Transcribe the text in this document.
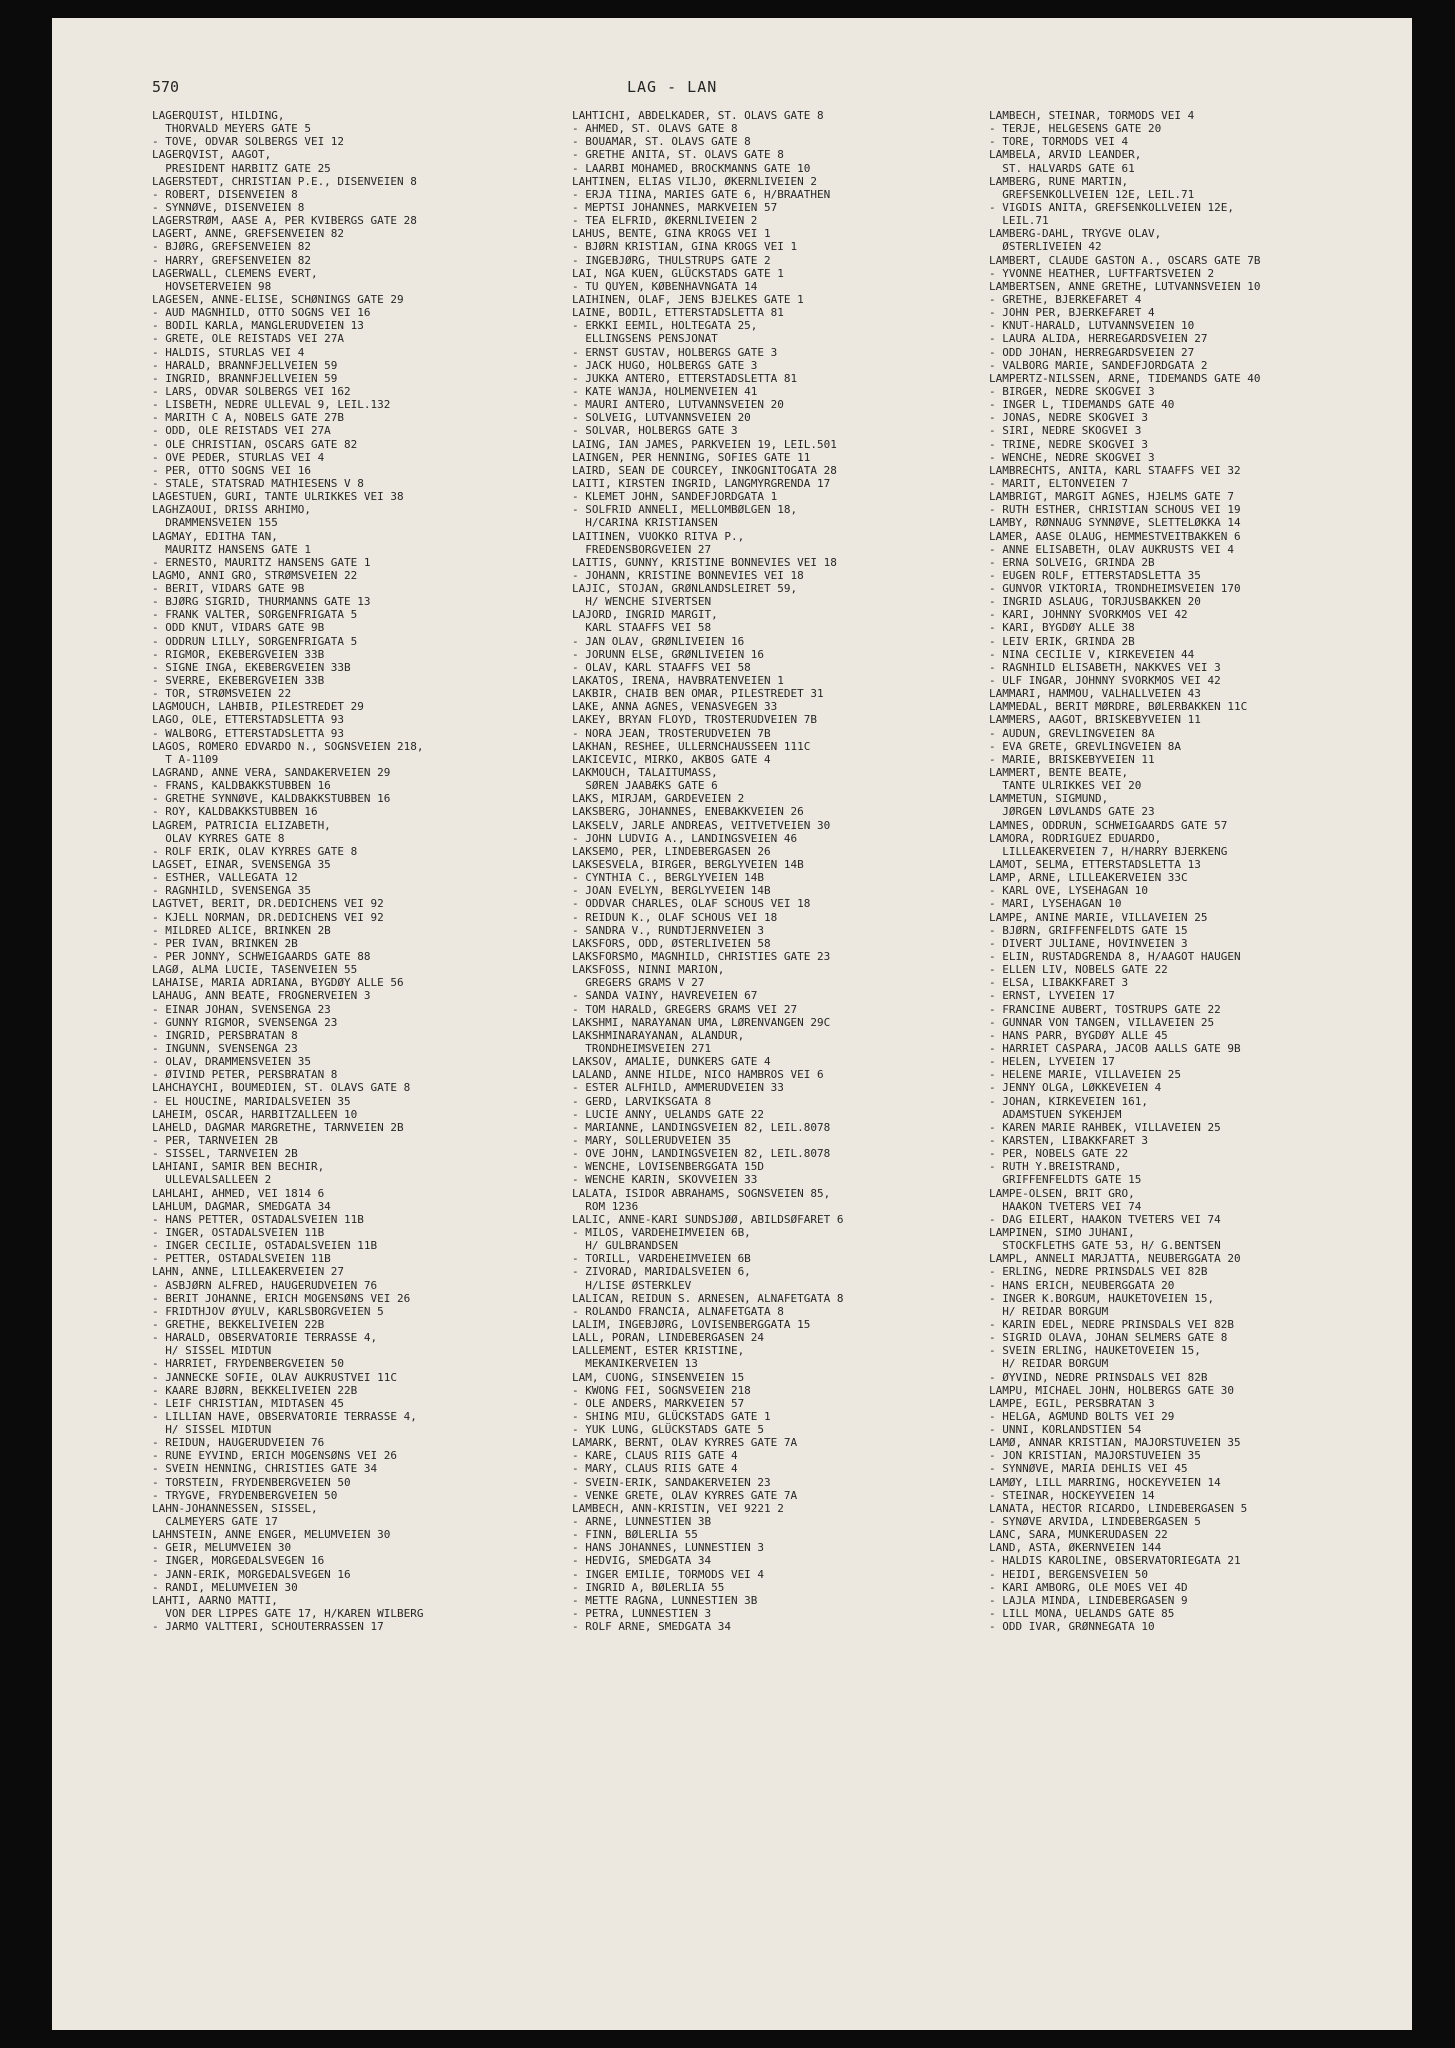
570	LAG - LAN
LAGERQUIST, HILDING,
THORVALD MEYERS GATE 5
- TOVE, ODVAR SOLBERGS VEI 12
LAGERQVIST, AAGOT,
PRESIDENT HARBITZ GATE 25
LAGERSTEDT, CHRISTIAN P.E., DISENVEIEN 8
- ROBERT, DISENVEIEN 8
- SYNNØVE, DISENVEIEN 8
LAGERSTRØM, AASE A, PER KVIBERGS GATE 28
LAGERT, ANNE, GREFSENVEIEN 82
- BJØRG, GREFSENVEIEN 82
- HARRY, GREFSENVEIEN 82
LAGERWALL, CLEMENS EVERT,
HOVSETERVEIEN 98
LAGESEN, ANNE-ELISE, SCHØNINGS GATE 29
- AUD MAGNHILD, OTTO SOGNS VEI 16
- BODIL KARLA, MANGLERUDVEIEN 13
- GRETE, OLE REISTADS VEI 27A
- HALDIS, STURLAS VEI 4
- HARALD, BRANNFJELLVEIEN 59
- INGRID, BRANNFJELLVEIEN 59
- LARS, ODVAR SOLBERGS VEI 162
- LISBETH, NEDRE ULLEVAL 9, LEIL.132
- MARITH C A, NOBELS GATE 27B
- ODD, OLE REISTADS VEI 27A
- OLE CHRISTIAN, OSCARS GATE 82
- OVE PEDER, STURLAS VEI 4
- PER, OTTO SOGNS VEI 16
- STALE, STATSRAD MATHIESENS V 8
LAGESTUEN, GURI, TANTE ULRIKKES VEI 38
LAGHZAOUI, DRISS ARHIMO,
DRAMMENSVEIEN 155
LAGMAY, EDITHA TAN,
MAURITZ HANSENS GATE 1
- ERNESTO, MAURITZ HANSENS GATE 1
LAGMO, ANNI GRO, STRØMSVEIEN 22
- BERIT, VIDARS GATE 9B
- BJØRG SIGRID, THURMANNS GATE 13
- FRANK VALTER, SORGENFRIGATA 5
- ODD KNUT, VIDARS GATE 9B
- ODDRUN LILLY, SORGENFRIGATA 5
- RIGMOR, EKEBERGVEIEN 33B
- SIGNE INGA, EKEBERGVEIEN 33B
- SVERRE, EKEBERGVEIEN 33B
- TOR, STRØMSVEIEN 22
LAGMOUCH, LAHBIB, PILESTREDET 29
LAGO, OLE, ETTERSTADSLETTA 93
- WALBORG, ETTERSTADSLETTA 93
LAGOS, ROMERO EDVARDO N., SOGNSVEIEN 218,
T A-1109
LAGRAND, ANNE VERA, SANDAKERVEIEN 29
- FRANS, KALDBAKKSTUBBEN 16
- GRETHE SYNNØVE, KALDBAKKSTUBBEN 16
- ROY, KALDBAKKSTUBBEN 16
LAGREM, PATRICIA ELIZABETH,
OLAV KYRRES GATE 8
- ROLF ERIK, OLAV KYRRES GATE 8
LAGSET, EINAR, SVENSENGA 35
- ESTHER, VALLEGATA 12
- RAGNHILD, SVENSENGA 35
LAGTVET, BERIT, DR.DEDICHENS VEI 92
- KJELL NORMAN, DR.DEDICHENS VEI 92
- MILDRED ALICE, BRINKEN 2B
- PER IVAN, BRINKEN 2B
- PER JONNY, SCHWEIGAARDS GATE 88
LAGØ, ALMA LUCIE, TASENVEIEN 55
LAHAISE, MARIA ADRIANA, BYGDØY ALLE 56
LAHAUG, ANN BEATE, FROGNERVEIEN 3
- EINAR JOHAN, SVENSENGA 23
- GUNNY RIGMOR, SVENSENGA 23
- INGRID, PERSBRATAN 8
- INGUNN, SVENSENGA 23
- OLAV, DRAMMENSVEIEN 35
- ØIVIND PETER, PERSBRATAN 8
LAHCHAYCHI, BOUMEDIEN, ST. OLAVS GATE 8
- EL HOUCINE, MARIDALSVEIEN 35
LAHEIM, OSCAR, HARBITZALLEEN 10
LAHELD, DAGMAR MARGRETHE, TARNVEIEN 2B
- PER, TARNVEIEN 2B
- SISSEL, TARNVEIEN 2B
LAHIANI, SAMIR BEN BECHIR,
ULLEVALSALLEEN 2
LAHLAHI, AHMED, VEI 1814 6
LAHLUM, DAGMAR, SMEDGATA 34
- HANS PETTER, OSTADALSVEIEN 11B
- INGER, OSTADALSVEIEN 11B
- INGER CECILIE, OSTADALSVEIEN 11B
- PETTER, OSTADALSVEIEN 11B
LAHN, ANNE, LILLEAKERVEIEN 27
- ASBJØRN ALFRED, HAUGERUDVEIEN 76
- BERIT JOHANNE, ERICH MOGENSØNS VEI 26
- FRIDTHJOV ØYULV, KARLSBORGVEIEN 5
- GRETHE, BEKKELIVEIEN 22B
- HARALD, OBSERVATORIE TERRASSE 4,
H/ SISSEL MIDTUN
- HARRIET, FRYDENBERGVEIEN 50
- JANNECKE SOFIE, OLAV AUKRUSTVEI 11C
- KAARE BJØRN, BEKKELIVEIEN 22B
- LEIF CHRISTIAN, MIDTASEN 45
- LILLIAN HAVE, OBSERVATORIE TERRASSE 4,
H/ SISSEL MIDTUN
- REIDUN, HAUGERUDVEIEN 76
- RUNE EYVIND, ERICH MOGENSØNS VEI 26
- SVEIN HENNING, CHRISTIES GATE 34
- TORSTEIN, FRYDENBERGVEIEN 50
- TRYGVE, FRYDENBERGVEIEN 50
LAHN-JOHANNESSEN, SISSEL,
CALMEYERS GATE 17
LAHNSTEIN, ANNE ENGER, MELUMVEIEN 30
- GEIR, MELUMVEIEN 30
- INGER, MORGEDALSVEGEN 16
- JANN-ERIK, MORGEDALSVEGEN 16
- RANDI, MELUMVEIEN 30
LAHTI, AARNO MATTI,
VON DER LIPPES GATE 17, H/KAREN WILBERG
- JARMO VALTTERI, SCHOUTERRASSEN 17
LAHTICHI, ABDELKADER, ST. OLAVS GATE 8
- AHMED, ST. OLAVS GATE 8
- BOUAMAR, ST. OLAVS GATE 8
- GRETHE ANITA, ST. OLAVS GATE 8
- LAARBI MOHAMED, BROCKMANNS GATE 10
LAHTINEN, ELIAS VILJO, ØKERNLIVEIEN 2
- ERJA TIINA, MARIES GATE 6, H/BRAATHEN
- MEPTSI JOHANNES, MARKVEIEN 57
- TEA ELFRID, ØKERNLIVEIEN 2
LAHUS, BENTE, GINA KROGS VEI 1
- BJØRN KRISTIAN, GINA KROGS VEI 1
- INGEBJØRG, THULSTRUPS GATE 2
LAI, NGA KUEN, GLÜCKSTADS GATE 1
- TU QUYEN, KØBENHAVNGATA 14
LAIHINEN, OLAF, JENS BJELKES GATE 1
LAINE, BODIL, ETTERSTADSLETTA 81
- ERKKI EEMIL, HOLTEGATA 25,
ELLINGSENS PENSJONAT
- ERNST GUSTAV, HOLBERGS GATE 3
- JACK HUGO, HOLBERGS GATE 3
- JUKKA ANTERO, ETTERSTADSLETTA 81
- KATE WANJA, HOLMENVEIEN 41
- MAURI ANTERO, LUTVANNSVEIEN 20
- SOLVEIG, LUTVANNSVEIEN 20
- SOLVAR, HOLBERGS GATE 3
LAING, IAN JAMES, PARKVEIEN 19, LEIL.501
LAINGEN, PER HENNING, SOFIES GATE 11
LAIRD, SEAN DE COURCEY, INKOGNITOGATA 28
LAITI, KIRSTEN INGRID, LANGMYRGRENDA 17
- KLEMET JOHN, SANDEFJORDGATA 1
- SOLFRID ANNELI, MELLOMBØLGEN 18,
H/CARINA KRISTIANSEN
LAITINEN, VUOKKO RITVA P.,
FREDENSBORGVEIEN 27
LAITIS, GUNNY, KRISTINE BONNEVIES VEI 18
- JOHANN, KRISTINE BONNEVIES VEI 18
LAJIC, STOJAN, GRØNLANDSLEIRET 59,
H/ WENCHE SIVERTSEN
LAJORD, INGRID MARGIT,
KARL STAAFFS VEI 58
- JAN OLAV, GRØNLIVEIEN 16
- JORUNN ELSE, GRØNLIVEIEN 16
- OLAV, KARL STAAFFS VEI 58
LAKATOS, IRENA, HAVBRATENVEIEN 1
LAKBIR, CHAIB BEN OMAR, PILESTREDET 31
LAKE, ANNA AGNES, VENASVEGEN 33
LAKEY, BRYAN FLOYD, TROSTERUDVEIEN 7B
- NORA JEAN, TROSTERUDVEIEN 7B
LAKHAN, RESHEE, ULLERNCHAUSSEEN 111C
LAKICEVIC, MIRKO, AKBOS GATE 4
LAKMOUCH, TALAITUMASS,
SØREN JAABÆKS GATE 6
LAKS, MIRJAM, GARDEVEIEN 2
LAKSBERG, JOHANNES, ENEBAKKVEIEN 26
LAKSELV, JARLE ANDREAS, VEITVETVEIEN 30
- JOHN LUDVIG A., LANDINGSVEIEN 46
LAKSEMO, PER, LINDEBERGASEN 26
LAKSESVELA, BIRGER, BERGLYVEIEN 14B
- CYNTHIA C., BERGLYVEIEN 14B
- JOAN EVELYN, BERGLYVEIEN 14B
- ODDVAR CHARLES, OLAF SCHOUS VEI 18
- REIDUN K., OLAF SCHOUS VEI 18
- SANDRA V., RUNDTJERNVEIEN 3
LAKSFORS, ODD, ØSTERLIVEIEN 58
LAKSFORSMO, MAGNHILD, CHRISTIES GATE 23
LAKSFOSS, NINNI MARION,
GREGERS GRAMS V 27
- SANDA VAINY, HAVREVEIEN 67
- TOM HARALD, GREGERS GRAMS VEI 27
LAKSHMI, NARAYANAN UMA, LØRENVANGEN 29C
LAKSHMINARAYANAN, ALANDUR,
TRONDHEIMSVEIEN 271
LAKSOV, AMALIE, DUNKERS GATE 4
LALAND, ANNE HILDE, NICO HAMBROS VEI 6
- ESTER ALFHILD, AMMERUDVEIEN 33
- GERD, LARVIKSGATA 8
- LUCIE ANNY, UELANDS GATE 22
- MARIANNE, LANDINGSVEIEN 82, LEIL.8078
- MARY, SOLLERUDVEIEN 35
- OVE JOHN, LANDINGSVEIEN 82, LEIL.8078
- WENCHE, LOVISENBERGGATA 15D
- WENCHE KARIN, SKOVVEIEN 33
LALATA, ISIDOR ABRAHAMS, SOGNSVEIEN 85,
ROM 1236
LALIC, ANNE-KARI SUNDSJØØ, ABILDSØFARET 6
- MILOS, VARDEHEIMVEIEN 6B,
H/ GULBRANDSEN
- TORILL, VARDEHEIMVEIEN 6B
- ZIVORAD, MARIDALSVEIEN 6,
H/LISE ØSTERKLEV
LALICAN, REIDUN S. ARNESEN, ALNAFETGATA 8
- ROLANDO FRANCIA, ALNAFETGATA 8
LALIM, INGEBJØRG, LOVISENBERGGATA 15
LALL, PORAN, LINDEBERGASEN 24
LALLEMENT, ESTER KRISTINE,
MEKANIKERVEIEN 13
LAM, CUONG, SINSENVEIEN 15
- KWONG FEI, SOGNSVEIEN 218
- OLE ANDERS, MARKVEIEN 57
- SHING MIU, GLÜCKSTADS GATE 1
- YUK LUNG, GLÜCKSTADS GATE 5
LAMARK, BERNT, OLAV KYRRES GATE 7A
- KARE, CLAUS RIIS GATE 4
- MARY, CLAUS RIIS GATE 4
- SVEIN-ERIK, SANDAKERVEIEN 23
- VENKE GRETE, OLAV KYRRES GATE 7A
LAMBECH, ANN-KRISTIN, VEI 9221 2
- ARNE, LUNNESTIEN 3B
- FINN, BØLERLIA 55
- HANS JOHANNES, LUNNESTIEN 3
- HEDVIG, SMEDGATA 34
- INGER EMILIE, TORMODS VEI 4
- INGRID A, BØLERLIA 55
- METTE RAGNA, LUNNESTIEN 3B
- PETRA, LUNNESTIEN 3
- ROLF ARNE, SMEDGATA 34
LAMBECH, STEINAR, TORMODS VEI 4
- TERJE, HELGESENS GATE 20
- TORE, TORMODS VEI 4
LAMBELA, ARVID LEANDER,
ST. HALVARDS GATE 61
LAMBERG, RUNE MARTIN,
GREFSENKOLLVEIEN 12E, LEIL.71
- VIGDIS ANITA, GREFSENKOLLVEIEN 12E,
LEIL.71
LAMBERG-DAHL, TRYGVE OLAV,
ØSTERLIVEIEN 42
LAMBERT, CLAUDE GASTON A., OSCARS GATE 7B
- YVONNE HEATHER, LUFTFARTSVEIEN 2
LAMBERTSEN, ANNE GRETHE, LUTVANNSVEIEN 10
- GRETHE, BJERKEFARET 4
- JOHN PER, BJERKEFARET 4
- KNUT-HARALD, LUTVANNSVEIEN 10
- LAURA ALIDA, HERREGARDSVEIEN 27
- ODD JOHAN, HERREGARDSVEIEN 27
- VALBORG MARIE, SANDEFJORDGATA 2
LAMPERTZ-NILSSEN, ARNE, TIDEMANDS GATE 40
- BIRGER, NEDRE SKOGVEI 3
- INGER L, TIDEMANDS GATE 40
- JONAS, NEDRE SKOGVEI 3
- SIRI, NEDRE SKOGVEI 3
- TRINE, NEDRE SKOGVEI 3
- WENCHE, NEDRE SKOGVEI 3
LAMBRECHTS, ANITA, KARL STAAFFS VEI 32
- MARIT, ELTONVEIEN 7
LAMBRIGT, MARGIT AGNES, HJELMS GATE 7
- RUTH ESTHER, CHRISTIAN SCHOUS VEI 19
LAMBY, RØNNAUG SYNNØVE, SLETTELØKKA 14
LAMER, AASE OLAUG, HEMMESTVEITBAKKEN 6
- ANNE ELISABETH, OLAV AUKRUSTS VEI 4
- ERNA SOLVEIG, GRINDA 2B
- EUGEN ROLF, ETTERSTADSLETTA 35
- GUNVOR VIKTORIA, TRONDHEIMSVEIEN 170
- INGRID ASLAUG, TORJUSBAKKEN 20
- KARI, JOHNNY SVORKMOS VEI 42
- KARI, BYGDØY ALLE 38
- LEIV ERIK, GRINDA 2B
- NINA CECILIE V, KIRKEVEIEN 44
- RAGNHILD ELISABETH, NAKKVES VEI 3
- ULF INGAR, JOHNNY SVORKMOS VEI 42
LAMMARI, HAMMOU, VALHALLVEIEN 43
LAMMEDAL, BERIT MØRDRE, BØLERBAKKEN 11C
LAMMERS, AAGOT, BRISKEBYVEIEN 11
- AUDUN, GREVLINGVEIEN 8A
- EVA GRETE, GREVLINGVEIEN 8A
- MARIE, BRISKEBYVEIEN 11
LAMMERT, BENTE BEATE,
TANTE ULRIKKES VEI 20
LAMMETUN, SIGMUND,
JØRGEN LØVLANDS GATE 23
LAMNES, ODDRUN, SCHWEIGAARDS GATE 57
LAMORA, RODRIGUEZ EDUARDO,
LILLEAKERVEIEN 7, H/HARRY BJERKENG
LAMOT, SELMA, ETTERSTADSLETTA 13
LAMP, ARNE, LILLEAKERVEIEN 33C
- KARL OVE, LYSEHAGAN 10
- MARI, LYSEHAGAN 10
LAMPE, ANINE MARIE, VILLAVEIEN 25
- BJØRN, GRIFFENFELDTS GATE 15
- DIVERT JULIANE, HOVINVEIEN 3
- ELIN, RUSTADGRENDA 8, H/AAGOT HAUGEN
- ELLEN LIV, NOBELS GATE 22
- ELSA, LIBAKKFARET 3
- ERNST, LYVEIEN 17
- FRANCINE AUBERT, TOSTRUPS GATE 22
- GUNNAR VON TANGEN, VILLAVEIEN 25
- HANS PARR, BYGDØY ALLE 45
- HARRIET CASPARA, JACOB AALLS GATE 9B
- HELEN, LYVEIEN 17
- HELENE MARIE, VILLAVEIEN 25
- JENNY OLGA, LØKKEVEIEN 4
- JOHAN, KIRKEVEIEN 161,
ADAMSTUEN SYKEHJEM
- KAREN MARIE RAHBEK, VILLAVEIEN 25
- KARSTEN, LIBAKKFARET 3
- PER, NOBELS GATE 22
- RUTH Y.BREISTRAND,
GRIFFENFELDTS GATE 15
LAMPE-OLSEN, BRIT GRO,
HAAKON TVETERS VEI 74
- DAG EILERT, HAAKON TVETERS VEI 74
LAMPINEN, SIMO JUHANI,
STOCKFLETHS GATE 53, H/ G.BENTSEN
LAMPL, ANNELI MARJATTA, NEUBERGGATA 20
- ERLING, NEDRE PRINSDALS VEI 82B
- HANS ERICH, NEUBERGGATA 20
- INGER K.BORGUM, HAUKETOVEIEN 15,
H/ REIDAR BORGUM
- KARIN EDEL, NEDRE PRINSDALS VEI 82B
- SIGRID OLAVA, JOHAN SELMERS GATE 8
- SVEIN ERLING, HAUKETOVEIEN 15,
H/ REIDAR BORGUM
- ØYVIND, NEDRE PRINSDALS VEI 82B
LAMPU, MICHAEL JOHN, HOLBERGS GATE 30
LAMPE, EGIL, PERSBRATAN 3
- HELGA, AGMUND BOLTS VEI 29
- UNNI, KORLANDSTIEN 54
LAMØ, ANNAR KRISTIAN, MAJORSTUVEIEN 35
- JON KRISTIAN, MAJORSTUVEIEN 35
- SYNNØVE, MARIA DEHLIS VEI 45
LAMØY, LILL MARRING, HOCKEYVEIEN 14
- STEINAR, HOCKEYVEIEN 14
LANATA, HECTOR RICARDO, LINDEBERGASEN 5
- SYNØVE ARVIDA, LINDEBERGASEN 5
LANC, SARA, MUNKERUDASEN 22
LAND, ASTA, ØKERNVEIEN 144
- HALDIS KAROLINE, OBSERVATORIEGATA 21
- HEIDI, BERGENSVEIEN 50
- KARI AMBORG, OLE MOES VEI 4D
- LAJLA MINDA, LINDEBERGASEN 9
- LILL MONA, UELANDS GATE 85
- ODD IVAR, GRØNNEGATA 10
